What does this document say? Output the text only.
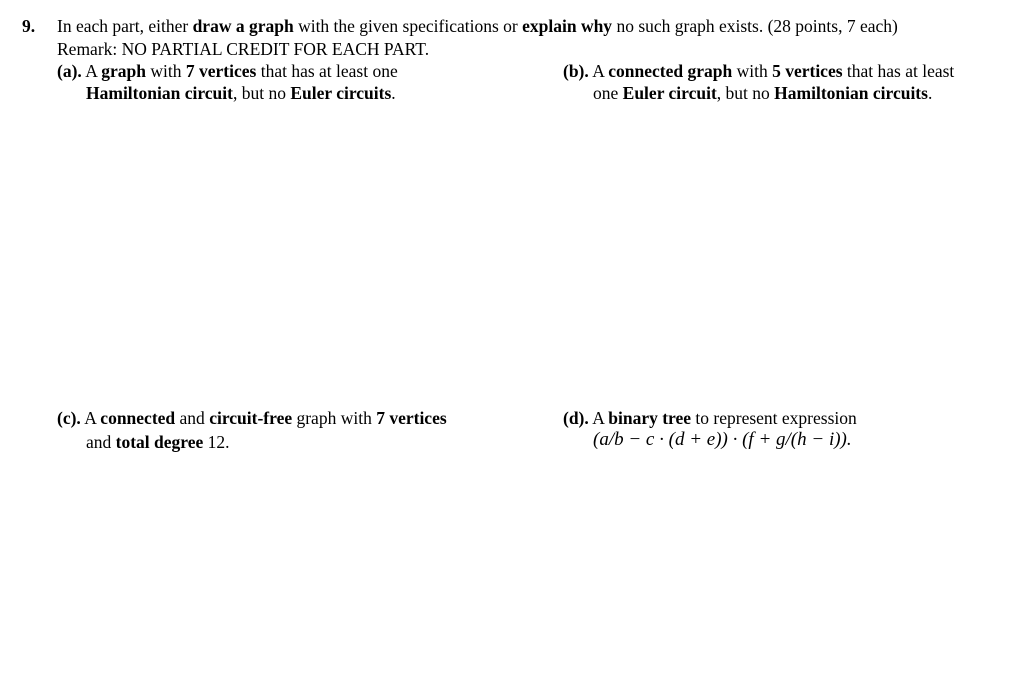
9. In each part, either draw a graph with the given specifications or explain why no such graph exists. (28 points, 7 each)
Remark: NO PARTIAL CREDIT FOR EACH PART.
(a). A graph with 7 vertices that has at least one
Hamiltonian circuit, but no Euler circuits.
(b). A connected graph with 5 vertices that has at least
one Euler circuit, but no Hamiltonian circuits.
(c). A connected and circuit-free graph with 7 vertices
and total degree 12.
(d). A binary tree to represent expression
(a/b − c · (d + e)) · (f + g/(h − i)).
